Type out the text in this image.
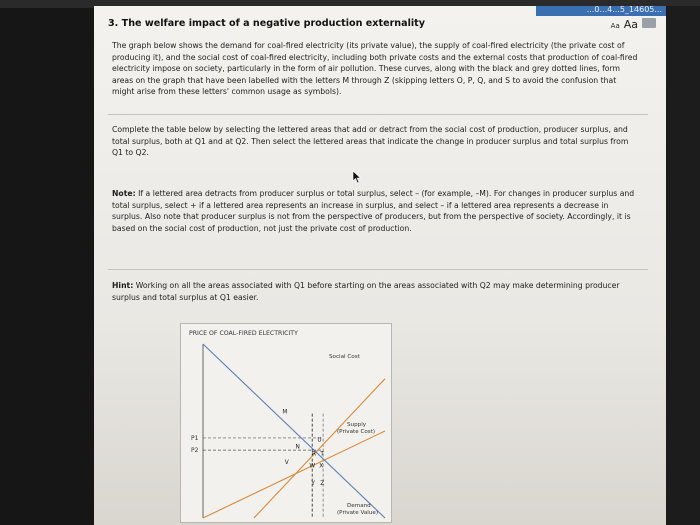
...0...4...5_14605...
3. The welfare impact of a negative production externality	Aa Aa
The graph below shows the demand for coal-fired electricity (its private value), the supply of coal-fired electricity (the private cost of producing it), and the social cost of coal-fired electricity, including both private costs and the external costs that production of coal-fired electricity impose on society, particularly in the form of air pollution. These curves, along with the black and grey dotted lines, form areas on the graph that have been labelled with the letters M through Z (skipping letters O, P, Q, and S to avoid the confusion that might arise from these letters' common usage as symbols).
Complete the table below by selecting the lettered areas that add or detract from the social cost of production, producer surplus, and total surplus, both at Q1 and at Q2. Then select the lettered areas that indicate the change in producer surplus and total surplus from Q1 to Q2.
Note: If a lettered area detracts from producer surplus or total surplus, select – (for example, –M). For changes in producer surplus and total surplus, select + if a lettered area represents an increase in surplus, and select – if a lettered area represents a decrease in surplus. Also note that producer surplus is not from the perspective of producers, but from the perspective of society. Accordingly, it is based on the social cost of production, not just the private cost of production.
Hint: Working on all the areas associated with Q1 before starting on the areas associated with Q2 may make determining producer surplus and total surplus at Q1 easier.
PRICE OF COAL-FIRED ELECTRICITY
P1
P2
Social Cost
Supply
(Private Cost)
Demand
(Private Value)
M
N
R T
U
V
W X
Y Z
